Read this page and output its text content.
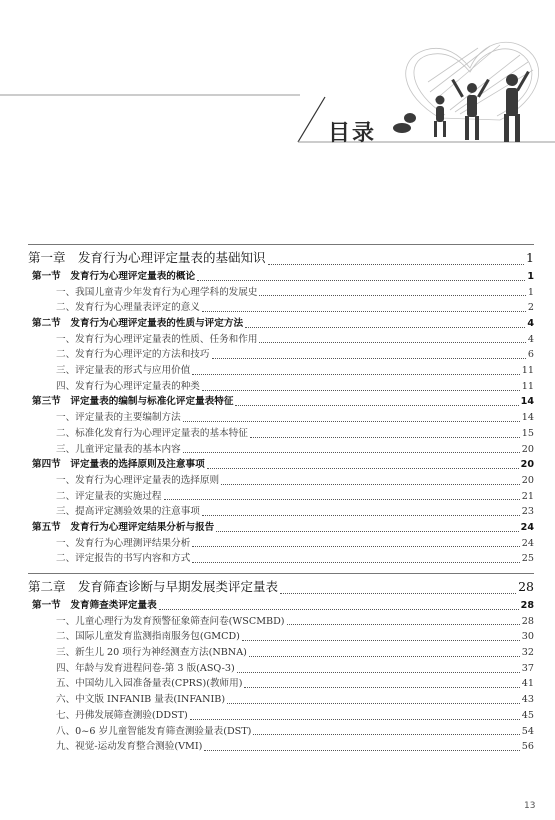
目录
第一章　发育行为心理评定量表的基础知识	1
第一节　发育行为心理评定量表的概论	1
一、我国儿童青少年发育行为心理学科的发展史	1
二、发育行为心理量表评定的意义	2
第二节　发育行为心理评定量表的性质与评定方法	4
一、发育行为心理评定量表的性质、任务和作用	4
二、发育行为心理评定的方法和技巧	6
三、评定量表的形式与应用价值	11
四、发育行为心理评定量表的种类	11
第三节　评定量表的编制与标准化评定量表特征	14
一、评定量表的主要编制方法	14
二、标准化发育行为心理评定量表的基本特征	15
三、儿童评定量表的基本内容	20
第四节　评定量表的选择原则及注意事项	20
一、发育行为心理评定量表的选择原则	20
二、评定量表的实施过程	21
三、提高评定测验效果的注意事项	23
第五节　发育行为心理评定结果分析与报告	24
一、发育行为心理测评结果分析	24
二、评定报告的书写内容和方式	25
第二章　发育筛查诊断与早期发展类评定量表	28
第一节　发育筛查类评定量表	28
一、儿童心理行为发育预警征象筛查问卷(WSCMBD)	28
二、国际儿童发育监测指南服务包(GMCD)	30
三、新生儿 20 项行为神经测查方法(NBNA)	32
四、年龄与发育进程问卷-第 3 版(ASQ-3)	37
五、中国幼儿入园准备量表(CPRS)(教师用)	41
六、中文版 INFANIB 量表(INFANIB)	43
七、丹佛发展筛查测验(DDST)	45
八、0~6 岁儿童智能发育筛查测验量表(DST)	54
九、视觉-运动发育整合测验(VMI)	56
13
